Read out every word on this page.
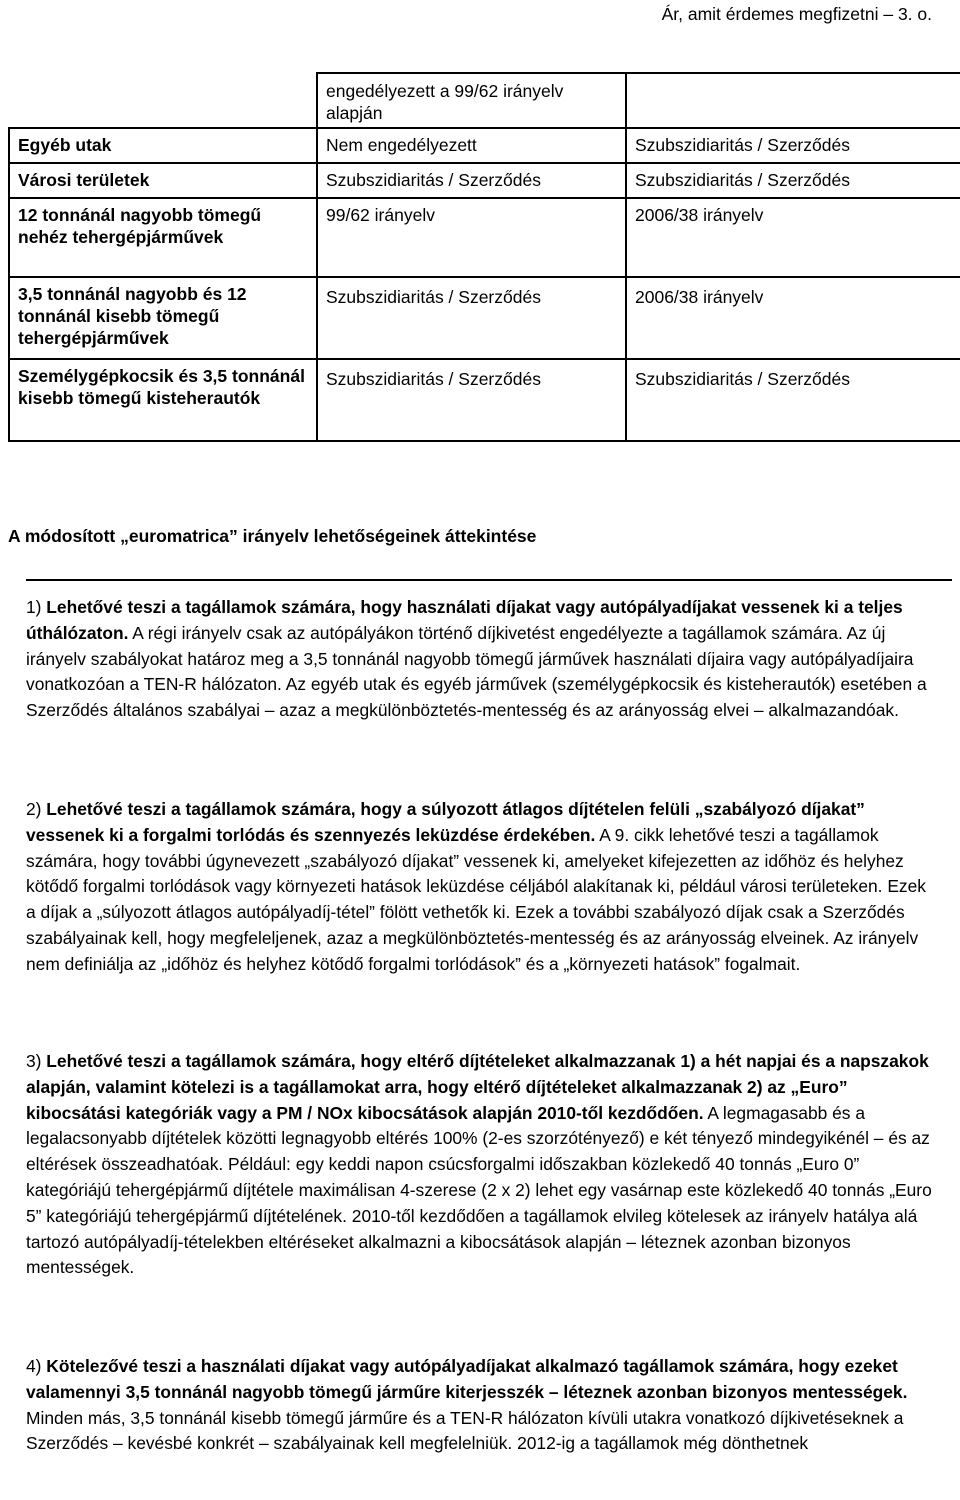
Ár, amit érdemes megfizetni – 3. o.
	engedélyezett a 99/62 irányelv alapján	
Egyéb utak	Nem engedélyezett	Szubszidiaritás / Szerződés
Városi területek	Szubszidiaritás / Szerződés	Szubszidiaritás / Szerződés
12 tonnánál nagyobb tömegű nehéz tehergépjárművek	99/62 irányelv	2006/38 irányelv
3,5 tonnánál nagyobb és 12 tonnánál kisebb tömegű tehergépjárművek	Szubszidiaritás / Szerződés	2006/38 irányelv
Személygépkocsik és 3,5 tonnánál kisebb tömegű kisteherautók	Szubszidiaritás / Szerződés	Szubszidiaritás / Szerződés
A módosított „euromatrica” irányelv lehetőségeinek áttekintése

1) Lehetővé teszi a tagállamok számára, hogy használati díjakat vagy autópályadíjakat vessenek ki a teljes úthálózaton. A régi irányelv csak az autópályákon történő díjkivetést engedélyezte a tagállamok számára. Az új irányelv szabályokat határoz meg a 3,5 tonnánál nagyobb tömegű járművek használati díjaira vagy autópályadíjaira vonatkozóan a TEN-R hálózaton. Az egyéb utak és egyéb járművek (személygépkocsik és kisteherautók) esetében a Szerződés általános szabályai – azaz a megkülönböztetés-mentesség és az arányosság elvei – alkalmazandóak.

2) Lehetővé teszi a tagállamok számára, hogy a súlyozott átlagos díjtételen felüli „szabályozó díjakat” vessenek ki a forgalmi torlódás és szennyezés leküzdése érdekében. A 9. cikk lehetővé teszi a tagállamok számára, hogy további úgynevezett „szabályozó díjakat” vessenek ki, amelyeket kifejezetten az időhöz és helyhez kötődő forgalmi torlódások vagy környezeti hatások leküzdése céljából alakítanak ki, például városi területeken. Ezek a díjak a „súlyozott átlagos autópályadíj-tétel” fölött vethetők ki. Ezek a további szabályozó díjak csak a Szerződés szabályainak kell, hogy megfeleljenek, azaz a megkülönböztetés-mentesség és az arányosság elveinek. Az irányelv nem definiálja az „időhöz és helyhez kötődő forgalmi torlódások” és a „környezeti hatások” fogalmait.

3) Lehetővé teszi a tagállamok számára, hogy eltérő díjtételeket alkalmazzanak 1) a hét napjai és a napszakok alapján, valamint kötelezi is a tagállamokat arra, hogy eltérő díjtételeket alkalmazzanak 2) az „Euro” kibocsátási kategóriák vagy a PM / NOx kibocsátások alapján 2010-től kezdődően. A legmagasabb és a legalacsonyabb díjtételek közötti legnagyobb eltérés 100% (2-es szorzótényező) e két tényező mindegyikénél – és az eltérések összeadhatóak. Például: egy keddi napon csúcsforgalmi időszakban közlekedő 40 tonnás „Euro 0” kategóriájú tehergépjármű díjtétele maximálisan 4-szerese (2 x 2) lehet egy vasárnap este közlekedő 40 tonnás „Euro 5” kategóriájú tehergépjármű díjtételének. 2010-től kezdődően a tagállamok elvileg kötelesek az irányelv hatálya alá tartozó autópályadíj-tételekben eltéréseket alkalmazni a kibocsátások alapján – léteznek azonban bizonyos mentességek.

4) Kötelezővé teszi a használati díjakat vagy autópályadíjakat alkalmazó tagállamok számára, hogy ezeket valamennyi 3,5 tonnánál nagyobb tömegű járműre kiterjesszék – léteznek azonban bizonyos mentességek. Minden más, 3,5 tonnánál kisebb tömegű járműre és a TEN-R hálózaton kívüli utakra vonatkozó díjkivetéseknek a Szerződés – kevésbé konkrét – szabályainak kell megfelelniük. 2012-ig a tagállamok még dönthetnek
